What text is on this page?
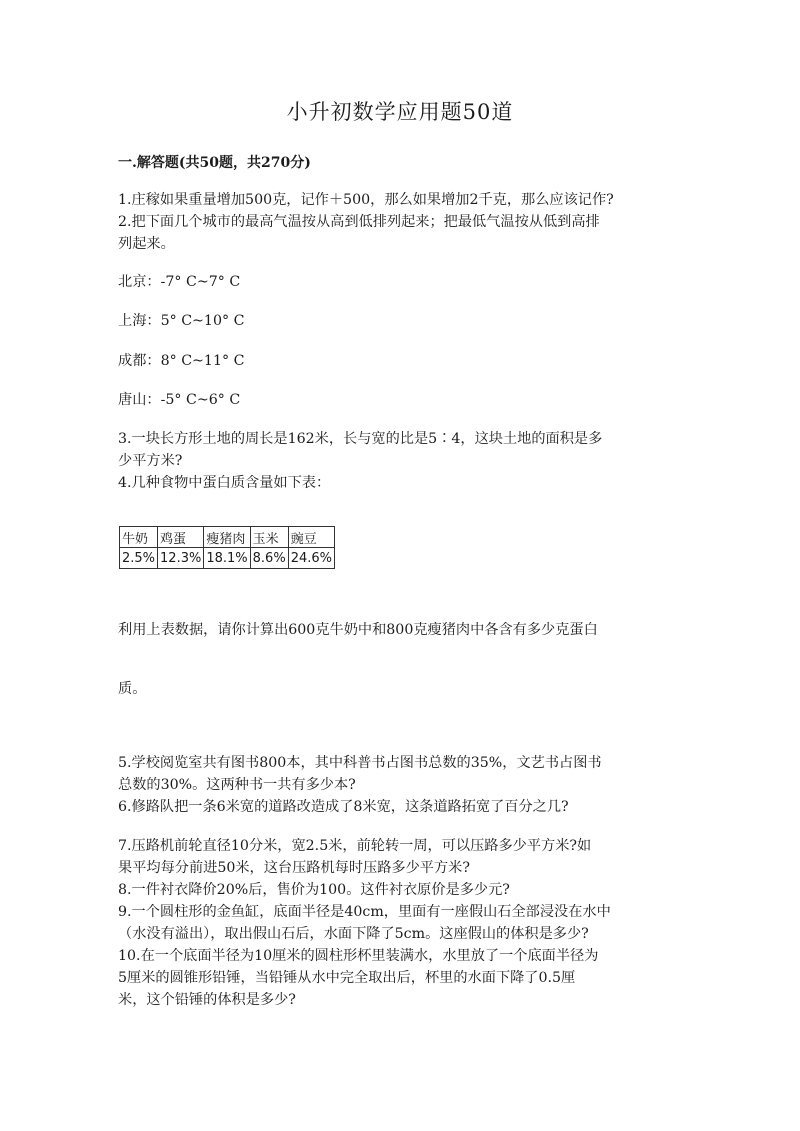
小升初数学应用题50道
一.解答题(共50题，共270分)
1.庄稼如果重量增加500克，记作＋500，那么如果增加2千克，那么应该记作?
2.把下面几个城市的最高气温按从高到低排列起来；把最低气温按从低到高排
列起来。
北京：-7° C~7° C
上海：5° C~10° C
成都：8° C~11° C
唐山：-5° C~6° C
3.一块长方形土地的周长是162米，长与宽的比是5∶4，这块土地的面积是多
少平方米?
4.几种食物中蛋白质含量如下表：
牛奶	鸡蛋	瘦猪肉	玉米	豌豆
2.5%	12.3%	18.1%	8.6%	24.6%
利用上表数据，请你计算出600克牛奶中和800克瘦猪肉中各含有多少克蛋白
质。
5.学校阅览室共有图书800本，其中科普书占图书总数的35%，文艺书占图书
总数的30%。这两种书一共有多少本?
6.修路队把一条6米宽的道路改造成了8米宽，这条道路拓宽了百分之几?
7.压路机前轮直径10分米，宽2.5米，前轮转一周，可以压路多少平方米?如
果平均每分前进50米，这台压路机每时压路多少平方米?
8.一件衬衣降价20%后，售价为100。这件衬衣原价是多少元?
9.一个圆柱形的金鱼缸，底面半径是40cm，里面有一座假山石全部浸没在水中
（水没有溢出），取出假山石后，水面下降了5cm。这座假山的体积是多少?
10.在一个底面半径为10厘米的圆柱形杯里装满水，水里放了一个底面半径为
5厘米的圆锥形铅锤，当铅锤从水中完全取出后，杯里的水面下降了0.5厘
米，这个铅锤的体积是多少?
